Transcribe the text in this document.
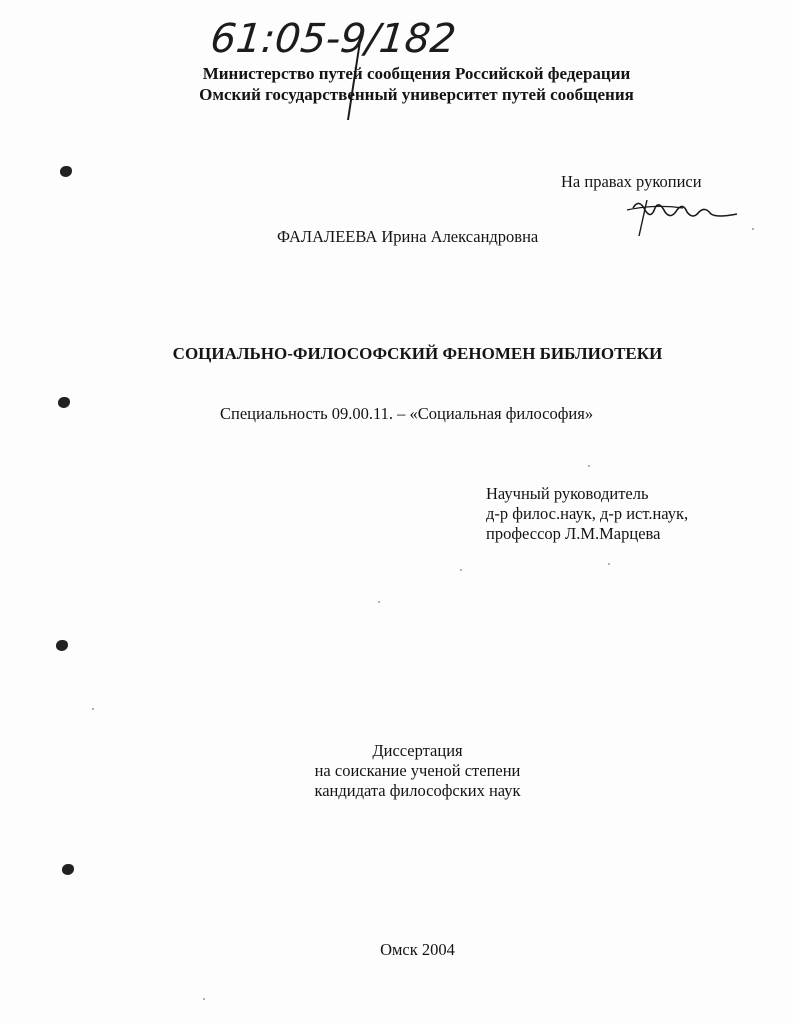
61:05-9/182
Министерство путей сообщения Российской федерации
Омский государственный университет путей сообщения
На правах рукописи
ФАЛАЛЕЕВА Ирина Александровна
СОЦИАЛЬНО-ФИЛОСОФСКИЙ ФЕНОМЕН БИБЛИОТЕКИ
Специальность 09.00.11. – «Социальная философия»
Научный руководитель
д-р филос.наук, д-р ист.наук,
профессор Л.М.Марцева
Диссертация
на соискание ученой степени
кандидата философских наук
Омск 2004
